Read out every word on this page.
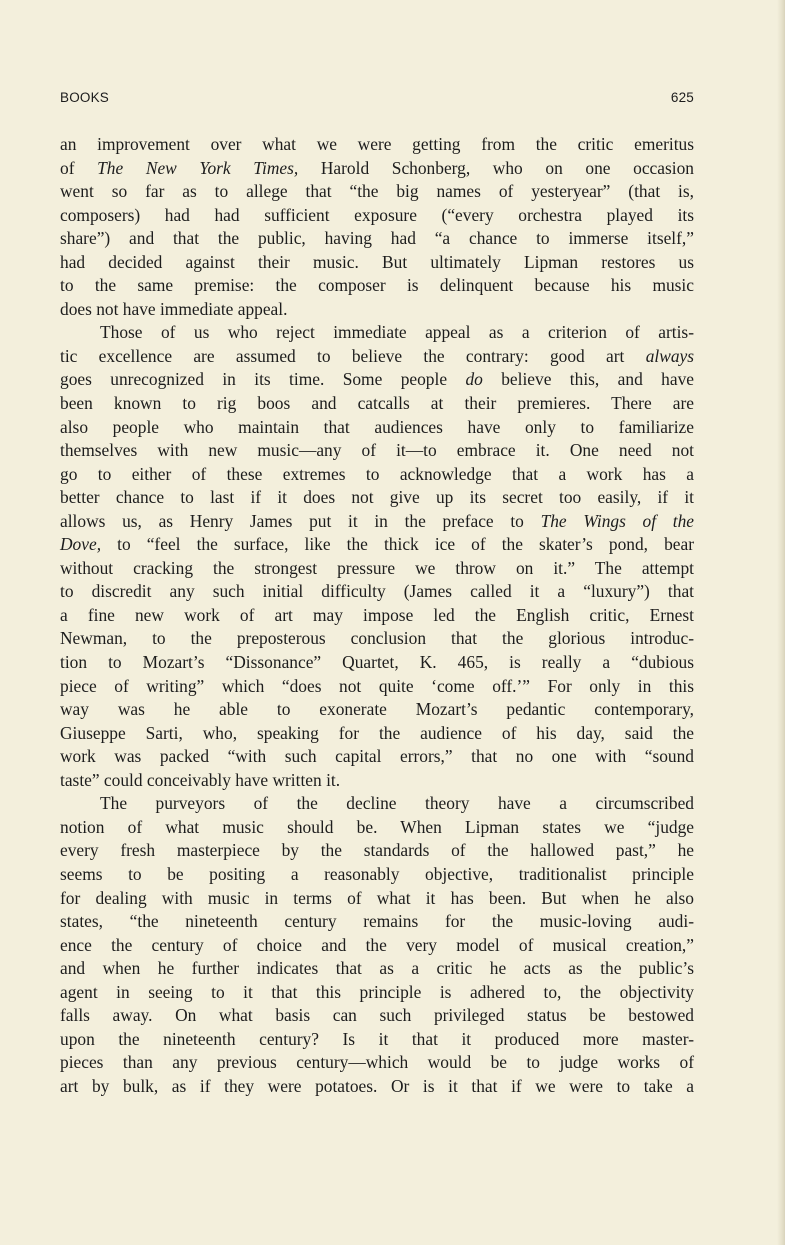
BOOKS	625
an improvement over what we were getting from the critic emeritus
of The New York Times, Harold Schonberg, who on one occasion
went so far as to allege that “the big names of yesteryear” (that is,
composers) had had sufficient exposure (“every orchestra played its
share”) and that the public, having had “a chance to immerse itself,”
had decided against their music. But ultimately Lipman restores us
to the same premise: the composer is delinquent because his music
does not have immediate appeal.
Those of us who reject immediate appeal as a criterion of artis-
tic excellence are assumed to believe the contrary: good art always
goes unrecognized in its time. Some people do believe this, and have
been known to rig boos and catcalls at their premieres. There are
also people who maintain that audiences have only to familiarize
themselves with new music—any of it—to embrace it. One need not
go to either of these extremes to acknowledge that a work has a
better chance to last if it does not give up its secret too easily, if it
allows us, as Henry James put it in the preface to The Wings of the
Dove, to “feel the surface, like the thick ice of the skater’s pond, bear
without cracking the strongest pressure we throw on it.” The attempt
to discredit any such initial difficulty (James called it a “luxury”) that
a fine new work of art may impose led the English critic, Ernest
Newman, to the preposterous conclusion that the glorious introduc-
tion to Mozart’s “Dissonance” Quartet, K. 465, is really a “dubious
piece of writing” which “does not quite ‘come off.’” For only in this
way was he able to exonerate Mozart’s pedantic contemporary,
Giuseppe Sarti, who, speaking for the audience of his day, said the
work was packed “with such capital errors,” that no one with “sound
taste” could conceivably have written it.
The purveyors of the decline theory have a circumscribed
notion of what music should be. When Lipman states we “judge
every fresh masterpiece by the standards of the hallowed past,” he
seems to be positing a reasonably objective, traditionalist principle
for dealing with music in terms of what it has been. But when he also
states, “the nineteenth century remains for the music-loving audi-
ence the century of choice and the very model of musical creation,”
and when he further indicates that as a critic he acts as the public’s
agent in seeing to it that this principle is adhered to, the objectivity
falls away. On what basis can such privileged status be bestowed
upon the nineteenth century? Is it that it produced more master-
pieces than any previous century—which would be to judge works of
art by bulk, as if they were potatoes. Or is it that if we were to take a
